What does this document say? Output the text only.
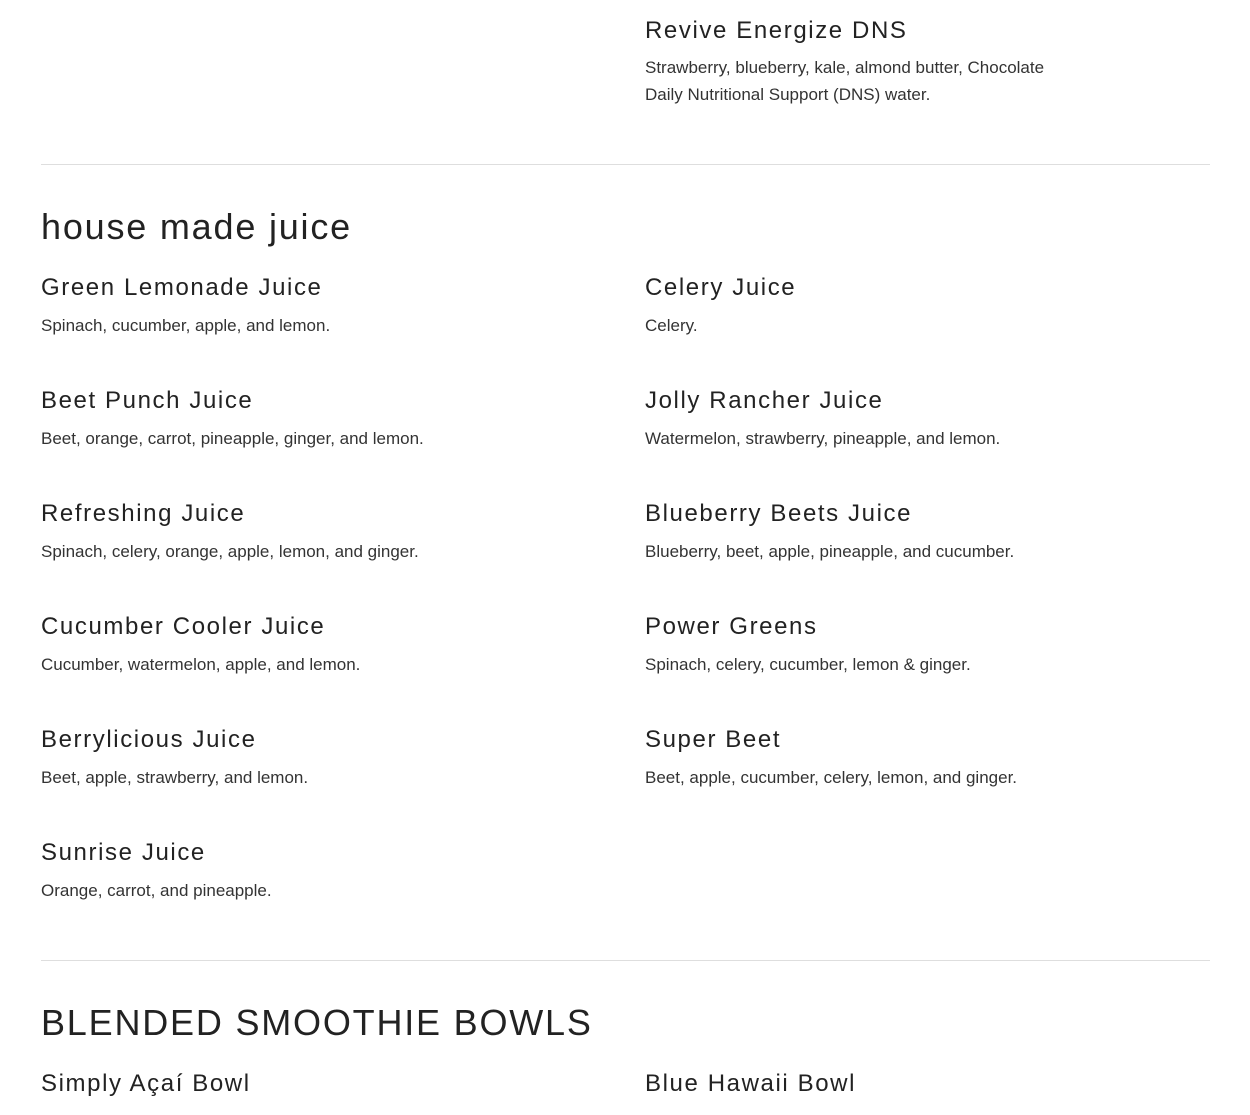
Revive Energize DNS
Strawberry, blueberry, kale, almond butter, Chocolate
Daily Nutritional Support (DNS) water.
house made juice
Green Lemonade Juice
Spinach, cucumber, apple, and lemon.
Celery Juice
Celery.
Beet Punch Juice
Beet, orange, carrot, pineapple, ginger, and lemon.
Jolly Rancher Juice
Watermelon, strawberry, pineapple, and lemon.
Refreshing Juice
Spinach, celery, orange, apple, lemon, and ginger.
Blueberry Beets Juice
Blueberry, beet, apple, pineapple, and cucumber.
Cucumber Cooler Juice
Cucumber, watermelon, apple, and lemon.
Power Greens
Spinach, celery, cucumber, lemon & ginger.
Berrylicious Juice
Beet, apple, strawberry, and lemon.
Super Beet
Beet, apple, cucumber, celery, lemon, and ginger.
Sunrise Juice
Orange, carrot, and pineapple.
BLENDED SMOOTHIE BOWLS
Simply Açaí Bowl	Blue Hawaii Bowl
